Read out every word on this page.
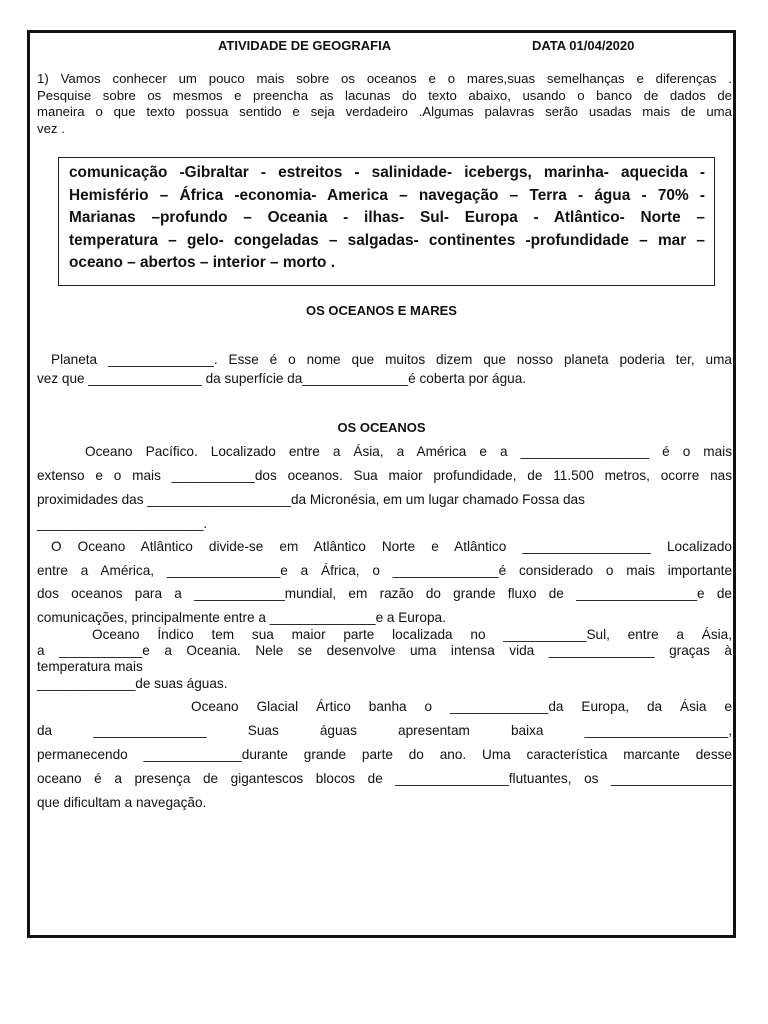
ATIVIDADE DE GEOGRAFIA	DATA 01/04/2020

1) Vamos conhecer um pouco mais sobre os oceanos e o mares,suas semelhanças e diferenças .
Pesquise sobre os mesmos e preencha as lacunas do texto abaixo, usando o banco de dados de
maneira o que texto possua sentido e seja verdadeiro .Algumas palavras serão usadas mais de uma
vez .
comunicação -Gibraltar - estreitos - salinidade- icebergs, marinha- aquecida -
Hemisfério – África -economia- America – navegação – Terra - água - 70% -
Marianas –profundo – Oceania - ilhas- Sul- Europa - Atlântico- Norte –
temperatura – gelo- congeladas – salgadas- continentes -profundidade – mar –
oceano – abertos – interior – morto .

OS OCEANOS E MARES

Planeta ______________. Esse é o nome que muitos dizem que nosso planeta poderia ter, uma

vez que _______________ da superfície da______________é coberta por água.

OS OCEANOS

Oceano Pacífico. Localizado entre a Ásia, a América e a _________________ é o mais

extenso e o mais ___________dos oceanos. Sua maior profundidade, de 11.500 metros, ocorre nas

proximidades das ___________________da Micronésia, em um lugar chamado Fossa das

______________________.

O Oceano Atlântico divide-se em Atlântico Norte e Atlântico _________________ Localizado

entre a América, _______________e a África, o ______________é considerado o mais importante

dos oceanos para a ____________mundial, em razão do grande fluxo de ________________e de

comunicações, principalmente entre a ______________e a Europa.

Oceano Índico tem sua maior parte localizada no ___________Sul, entre a Ásia,

a ___________e a Oceania. Nele se desenvolve uma intensa vida ______________ graças à

temperatura mais

_____________de suas águas.

Oceano Glacial Ártico banha o _____________da Europa, da Ásia e

da _______________ Suas águas apresentam baixa ___________________,

permanecendo _____________durante grande parte do ano. Uma característica marcante desse

oceano é a presença de gigantescos blocos de _______________flutuantes, os ________________

que dificultam a navegação.
